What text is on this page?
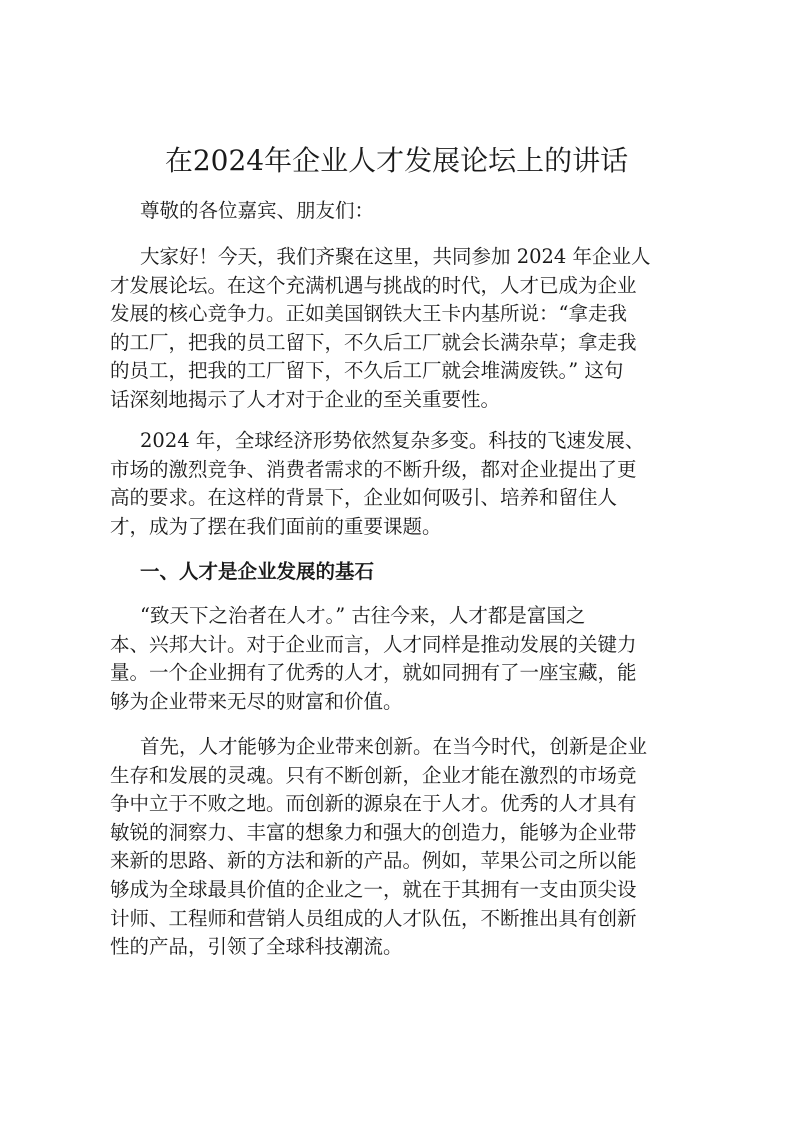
在2024年企业人才发展论坛上的讲话

尊敬的各位嘉宾、朋友们：

大家好！今天，我们齐聚在这里，共同参加 2024 年企业人
才发展论坛。在这个充满机遇与挑战的时代，人才已成为企业
发展的核心竞争力。正如美国钢铁大王卡内基所说：“拿走我
的工厂，把我的员工留下，不久后工厂就会长满杂草；拿走我
的员工，把我的工厂留下，不久后工厂就会堆满废铁。” 这句
话深刻地揭示了人才对于企业的至关重要性。

2024 年，全球经济形势依然复杂多变。科技的飞速发展、
市场的激烈竞争、消费者需求的不断升级，都对企业提出了更
高的要求。在这样的背景下，企业如何吸引、培养和留住人
才，成为了摆在我们面前的重要课题。

一、人才是企业发展的基石

“致天下之治者在人才。” 古往今来，人才都是富国之
本、兴邦大计。对于企业而言，人才同样是推动发展的关键力
量。一个企业拥有了优秀的人才，就如同拥有了一座宝藏，能
够为企业带来无尽的财富和价值。

首先，人才能够为企业带来创新。在当今时代，创新是企业
生存和发展的灵魂。只有不断创新，企业才能在激烈的市场竞
争中立于不败之地。而创新的源泉在于人才。优秀的人才具有
敏锐的洞察力、丰富的想象力和强大的创造力，能够为企业带
来新的思路、新的方法和新的产品。例如，苹果公司之所以能
够成为全球最具价值的企业之一，就在于其拥有一支由顶尖设
计师、工程师和营销人员组成的人才队伍，不断推出具有创新
性的产品，引领了全球科技潮流。
